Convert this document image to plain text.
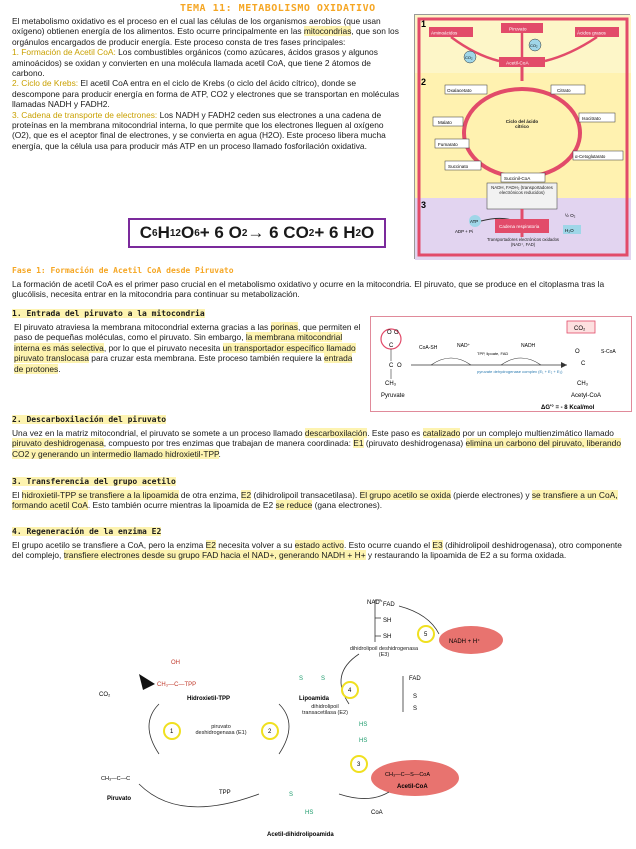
TEMA 11: METABOLISMO OXIDATIVO
El metabolismo oxidativo es el proceso en el cual las células de los organismos aerobios (que usan oxígeno) obtienen energía de los alimentos. Esto ocurre principalmente en las mitocondrias, que son los orgánulos encargados de producir energía. Este proceso consta de tres fases principales:
1. Formación de Acetil CoA: Los combustibles orgánicos (como azúcares, ácidos grasos y algunos aminoácidos) se oxidan y convierten en una molécula llamada acetil CoA, que tiene 2 átomos de carbono.
2. Ciclo de Krebs: El acetil CoA entra en el ciclo de Krebs (o ciclo del ácido cítrico), donde se descompone para producir energía en forma de ATP, CO2 y electrones que se transportan en moléculas llamadas NADH y FADH2.
3. Cadena de transporte de electrones: Los NADH y FADH2 ceden sus electrones a una cadena de proteínas en la membrana mitocondrial interna, lo que permite que los electrones lleguen al oxígeno (O2), que es el aceptor final de electrones, y se convierta en agua (H2O). Este proceso libera mucha energía, que la célula usa para producir más ATP en un proceso llamado fosforilación oxidativa.
C 6 H 12 O 6 + 6 O 2 → 6 CO 2 + 6 H 2 O
1
2
3
Aminoácidos
Piruvato
Ácidos grasos
Acetil-CoA
CO₂
CO₂
Oxalacetato	Citrato
Malato
Isocitrato
Fumarato
α-Cetoglutarato
Succinato
Succinil-CoA
Ciclo del ácido cítrico
NADH, FADH₂ (transportadores electrónicos reducidos)
ATP
ADP + Pi
½ O₂
H₂O
Cadena respiratoria
Transportadores electrónicos oxidados (NAD⁺, FAD)
Fase 1: Formación de Acetil CoA desde Piruvato
La formación de acetil CoA es el primer paso crucial en el metabolismo oxidativo y ocurre en la mitocondria. El piruvato, que se produce en el citoplasma tras la glucólisis, necesita entrar en la mitocondria para continuar su metabolización.
1. Entrada del piruvato a la mitocondria
El piruvato atraviesa la membrana mitocondrial externa gracias a las porinas, que permiten el paso de pequeñas moléculas, como el piruvato. Sin embargo, la membrana mitocondrial interna es más selectiva, por lo que el piruvato necesita un transportador específico llamado piruvato translocasa para cruzar esta membrana. Este proceso también requiere la entrada de protones.
O O
C
C O
CH₃
Pyruvate
CoA-SH	NAD⁺
TPP, lipoate, FAD
NADH
pyruvate dehydrogenase complex (E₁ + E₂ + E₃)
CO₂
S-CoA
C
O
CH₃
Acetyl-CoA
ΔG'° = - 8 Kcal/mol
2. Descarboxilación del piruvato
Una vez en la matriz mitocondrial, el piruvato se somete a un proceso llamado descarboxilación. Este paso es catalizado por un complejo multienzimático llamado piruvato deshidrogenasa, compuesto por tres enzimas que trabajan de manera coordinada: E1 (piruvato deshidrogenasa) elimina un carbono del piruvato, liberando CO2 y generando un intermedio llamado hidroxietil-TPP.
3. Transferencia del grupo acetilo
El hidroxietil-TPP se transfiere a la lipoamida de otra enzima, E2 (dihidrolipoil transacetilasa). El grupo acetilo se oxida (pierde electrones) y se transfiere a un CoA, formando acetil CoA. Esto también ocurre mientras la lipoamida de E2 se reduce (gana electrones).
4. Regeneración de la enzima E2
El grupo acetilo se transfiere a CoA, pero la enzima E2 necesita volver a su estado activo. Esto ocurre cuando el E3 (dihidrolipoil deshidrogenasa), otro componente del complejo, transfiere electrones desde su grupo FAD hacia el NAD+, generando NADH + H+ y restaurando la lipoamida de E2 a su forma oxidada.
NAD⁺ FAD
SH
SH
dihidrolipoil deshidrogenasa (E3)
NADH + H⁺
5
FAD
S
S
4
CO₂
OH
CH₃—C—TPP
Hidroxietil-TPP
1
piruvato deshidrogenasa (E1)	2
S	S
Lipoamida
dihidrolipoil transacetilasa (E2)
HS
HS
3
CH₃—C—S—CoA
Acetil-CoA
CH₃—C—C
Piruvato
TPP	S
HS	CoA
Acetil-dihidrolipoamida
